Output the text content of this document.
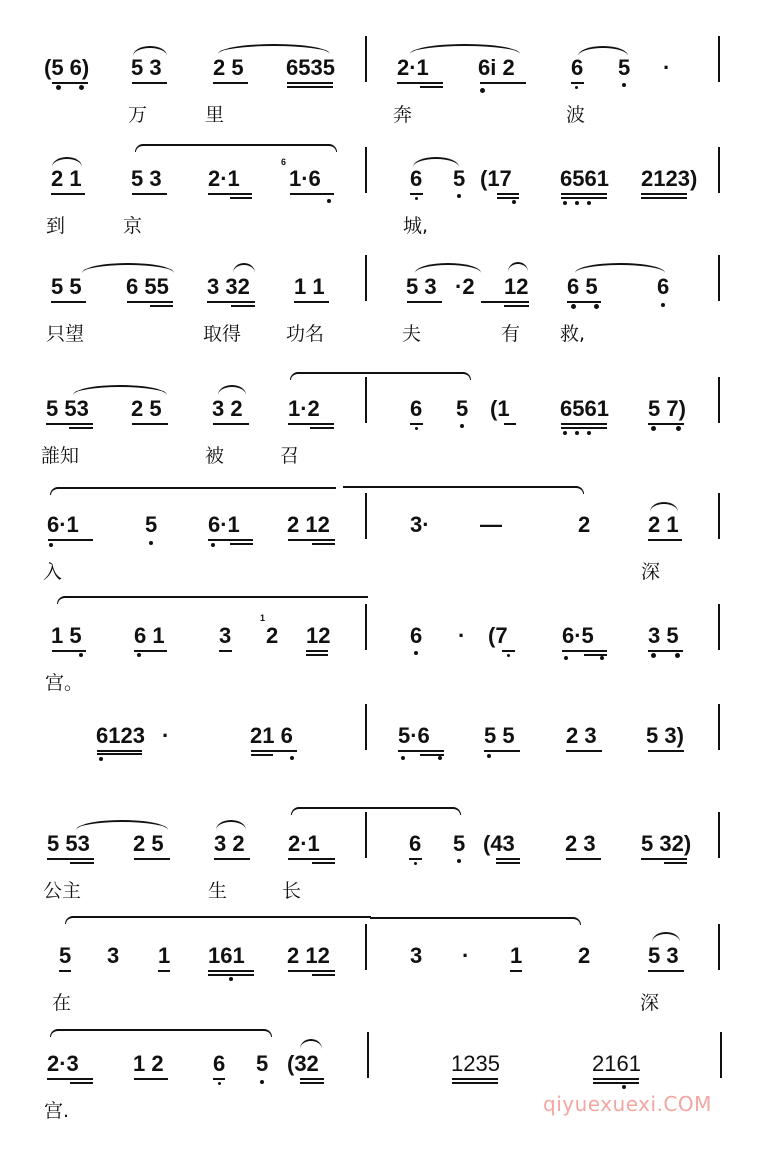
(5 6) 5 3 2 5 6535
万	里
2·1 6i 2	6 5 ·
奔	波
2 1 5 3 2·1
6
1·6
到	京
6 5 (17 6561 2123)
城,
5 5 6 55 3 32 1 1
只望	取得 功名
5 3 ·2 12 6 5	6
夫	有 救,
5 53 2 5 3 2 1·2
誰知	被	召
6 5 (1 6561 5 7)
6·1	5 6·1 2 12
入
3· —	2	2 1
深
1 5 6 1 3
1
2 12
宫。
6 · (7 6·5 3 5
6123 ·	21 6	5·6 5 5 2 3 5 3)
5 53 2 5 3 2 2·1
公主	生	长
6 5 (43 2 3 5 32)
5 3 1 161 2 12
在
3 · 1	2	5 3
深
2·3 1 2 6 5 (32
宫.
1235	2161
qiyuexuexi.COM
